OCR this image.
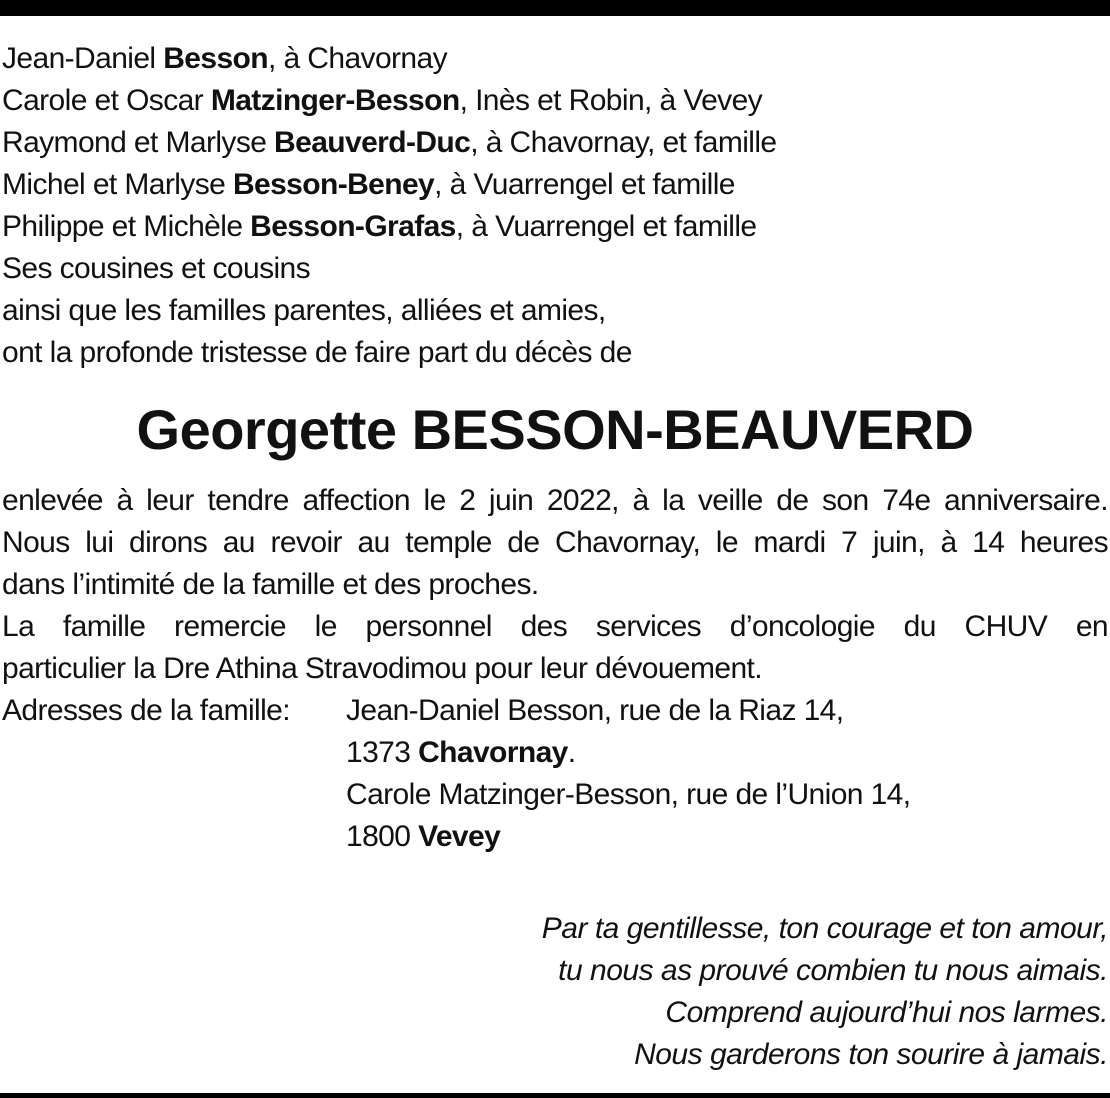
Jean-Daniel Besson, à Chavornay
Carole et Oscar Matzinger-Besson, Inès et Robin, à Vevey
Raymond et Marlyse Beauverd-Duc, à Chavornay, et famille
Michel et Marlyse Besson-Beney, à Vuarrengel et famille
Philippe et Michèle Besson-Grafas, à Vuarrengel et famille
Ses cousines et cousins
ainsi que les familles parentes, alliées et amies,
ont la profonde tristesse de faire part du décès de
Georgette BESSON-BEAUVERD
enlevée à leur tendre affection le 2 juin 2022, à la veille de son 74e anniversaire.
Nous lui dirons au revoir au temple de Chavornay, le mardi 7 juin, à 14 heures
dans l’intimité de la famille et des proches.
La famille remercie le personnel des services d’oncologie du CHUV en
particulier la Dre Athina Stravodimou pour leur dévouement.
Adresses de la famille:	Jean-Daniel Besson, rue de la Riaz 14,
1373 Chavornay.
Carole Matzinger-Besson, rue de l’Union 14,
1800 Vevey
Par ta gentillesse, ton courage et ton amour,
tu nous as prouvé combien tu nous aimais.
Comprend aujourd’hui nos larmes.
Nous garderons ton sourire à jamais.
